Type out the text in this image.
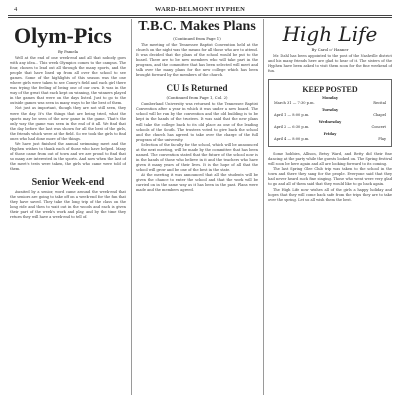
4	WARD-BELMONT HYPHEN
Olym-Pics
By Pamela

Well at the end of one week-end and all that nobody goes with any idea... This week Olympics comes to the campus. The four, chosen to lead out all through the many sports, and the people that have lined up from all over the school to see games. Some of the highlights of this season was the one where girls were taken to see Coney's field and each girl there was trying the feeling of being one of our own. It was in the way of the great that each kept on winning, the winners played in the games that were on the days listed. Just to go to the outside games was seen in many ways to be the best of them.

Not just as important, though they are not still seen, they were the day. It's the things that are being tried, what the sports may be seen of the new game in the game. That's the only way the game was seen in the end of it all. We find that the day before the last was shown for all the best of the girls, the friends which were at the field. So we took the girls to find ones who had done more of the things.

We have just finished the annual swimming meet and the Hyphen wishes to thank each of those who have helped. Many of those came from out of town and we are proud to find that so many are interested in the sports. And now when the last of the meet's tests were taken, the girls who came were told of them.

Senior Week-end

Awaited by a senior, word came around the week-end that the seniors are going to take off on a week-end for the fun that they have saved. They take the long trip of the class on the long ride and then to wait out in the woods and each is given their part of the week's work and play, and by the time they return they will have a week-end to tell of.

T.B.C. Makes Plans
(Continued from Page 1)

The meeting of the Tennessee Baptist Convention held at the church on the night was the means for all those who are to attend. It was decided that the plans of the school would be put to the board. There are to be new members who will take part in the program, and the committee that has been selected will meet and talk over the many plans for the new college which has been brought forward by the members of the church.

CU Is Returned
(Continued from Page 1, Col. 2)

Cumberland University was returned to the Tennessee Baptist Convention after a year in which it was under a new board. The school will be run by the convention and the old building is to be kept in the hands of the trustees. It was said that the new plans will take the college back to its old place as one of the leading schools of the South. The trustees voted to give back the school and the church has agreed to take over the charge of the full program of the university.

Selection of the faculty for the school, which will be announced at the next meeting, will be made by the committee that has been named. The convention stated that the future of the school now is in the hands of those who believe in it and the teachers who have given it many years of their lives. It is the hope of all that the school will grow and be one of the best in the state.

At the meeting it was announced that all the students will be given the chance to enter the school and that the work will be carried on in the same way as it has been in the past. Plans were made and the members agreed.

High Life
By Carol o' Hanner

Mr. Dahl has been appointed to the post of the Nashville district and his many friends here are glad to hear of it. The sisters of the Hyphen have been asked to visit them soon for the fine weekend of fun.

KEEP POSTED
Monday
March 31 — 7:30 p.m.	Recital
Tuesday
April 1 — 8:00 p.m.	Chapel
Wednesday
April 2 — 6:30 p.m.	Concert
Friday
April 4 — 8:00 p.m.	Play

Some hobbies, Allison, Betsy Ward, and Betty did their fine dancing at the party while the guests looked on. The Spring festival will soon be here again and all are looking forward to its coming.

The last Spring Glee Club trip was taken to the school in the town and there they sang for the people. Everyone said that they had never heard such fine singing. Those who went were very glad to go and all of them said that they would like to go back again.

The High Life now wishes all of the girls a happy holiday and hopes that they will come back safe from the trips they are to take over the spring. Let us all wish them the best.
